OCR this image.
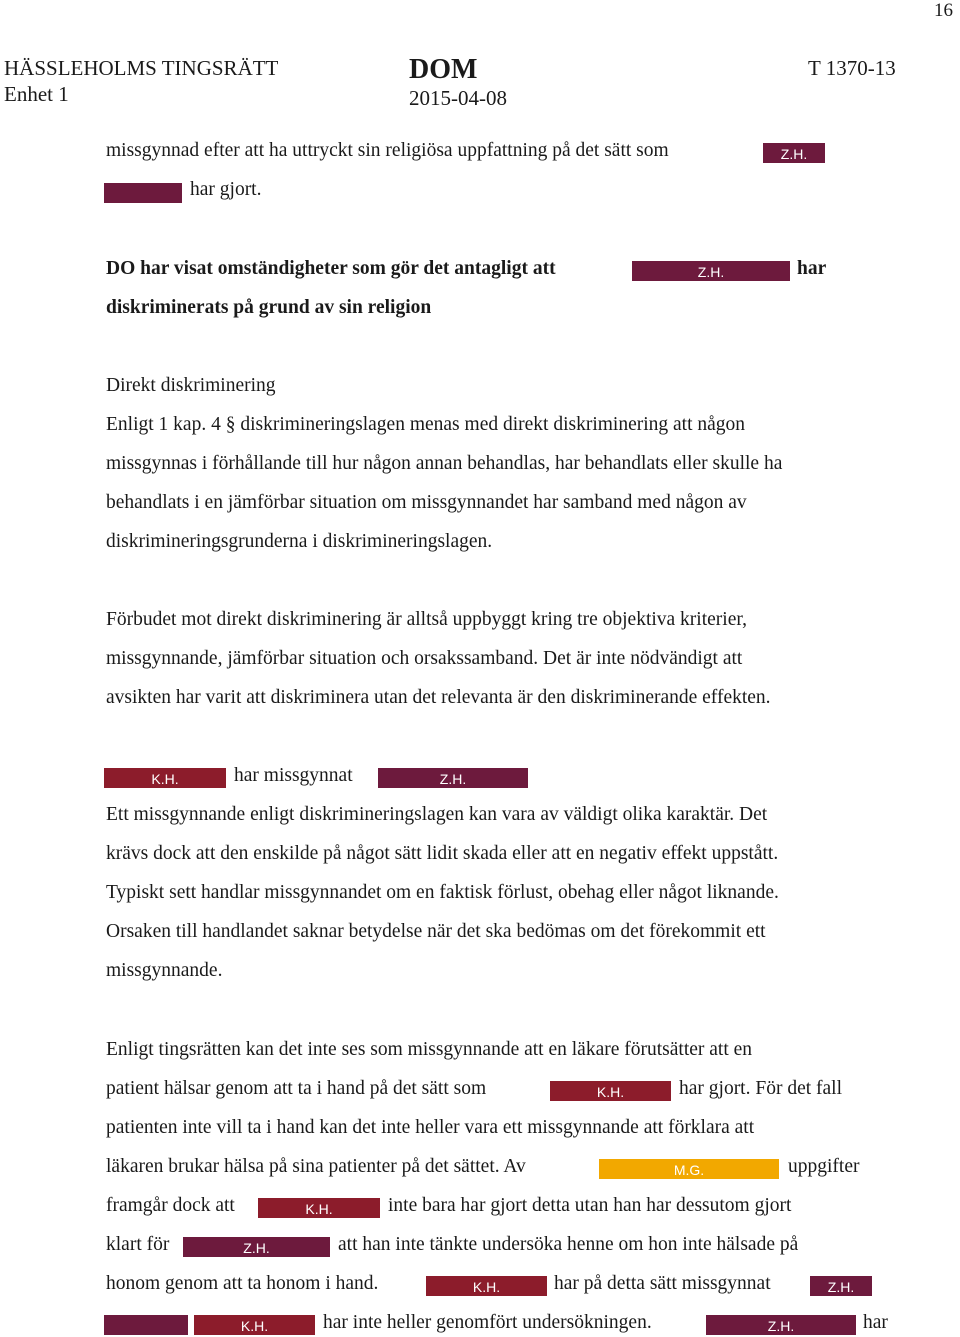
16
HÄSSLEHOLMS TINGSRÄTT
Enhet 1
DOM
2015-04-08
T 1370-13
missgynnad efter att ha uttryckt sin religiösa uppfattning på det sätt som	Z.H.
har gjort.
DO har visat omständigheter som gör det antagligt att	Z.H.	har
diskriminerats på grund av sin religion
Direkt diskriminering
Enligt 1 kap. 4 § diskrimineringslagen menas med direkt diskriminering att någon
missgynnas i förhållande till hur någon annan behandlas, har behandlats eller skulle ha
behandlats i en jämförbar situation om missgynnandet har samband med någon av
diskrimineringsgrunderna i diskrimineringslagen.
Förbudet mot direkt diskriminering är alltså uppbyggt kring tre objektiva kriterier,
missgynnande, jämförbar situation och orsakssamband. Det är inte nödvändigt att
avsikten har varit att diskriminera utan det relevanta är den diskriminerande effekten.
K.H.	har missgynnat	Z.H.
Ett missgynnande enligt diskrimineringslagen kan vara av väldigt olika karaktär. Det
krävs dock att den enskilde på något sätt lidit skada eller att en negativ effekt uppstått.
Typiskt sett handlar missgynnandet om en faktisk förlust, obehag eller något liknande.
Orsaken till handlandet saknar betydelse när det ska bedömas om det förekommit ett
missgynnande.
Enligt tingsrätten kan det inte ses som missgynnande att en läkare förutsätter att en
patient hälsar genom att ta i hand på det sätt som	K.H.	har gjort. För det fall
patienten inte vill ta i hand kan det inte heller vara ett missgynnande att förklara att
läkaren brukar hälsa på sina patienter på det sättet. Av	M.G.	uppgifter
framgår dock att	K.H.	inte bara har gjort detta utan han har dessutom gjort
klart för	Z.H.	att han inte tänkte undersöka henne om hon inte hälsade på
honom genom att ta honom i hand.	K.H.	har på detta sätt missgynnat	Z.H.
K.H.	har inte heller genomfört undersökningen.	Z.H.	har
